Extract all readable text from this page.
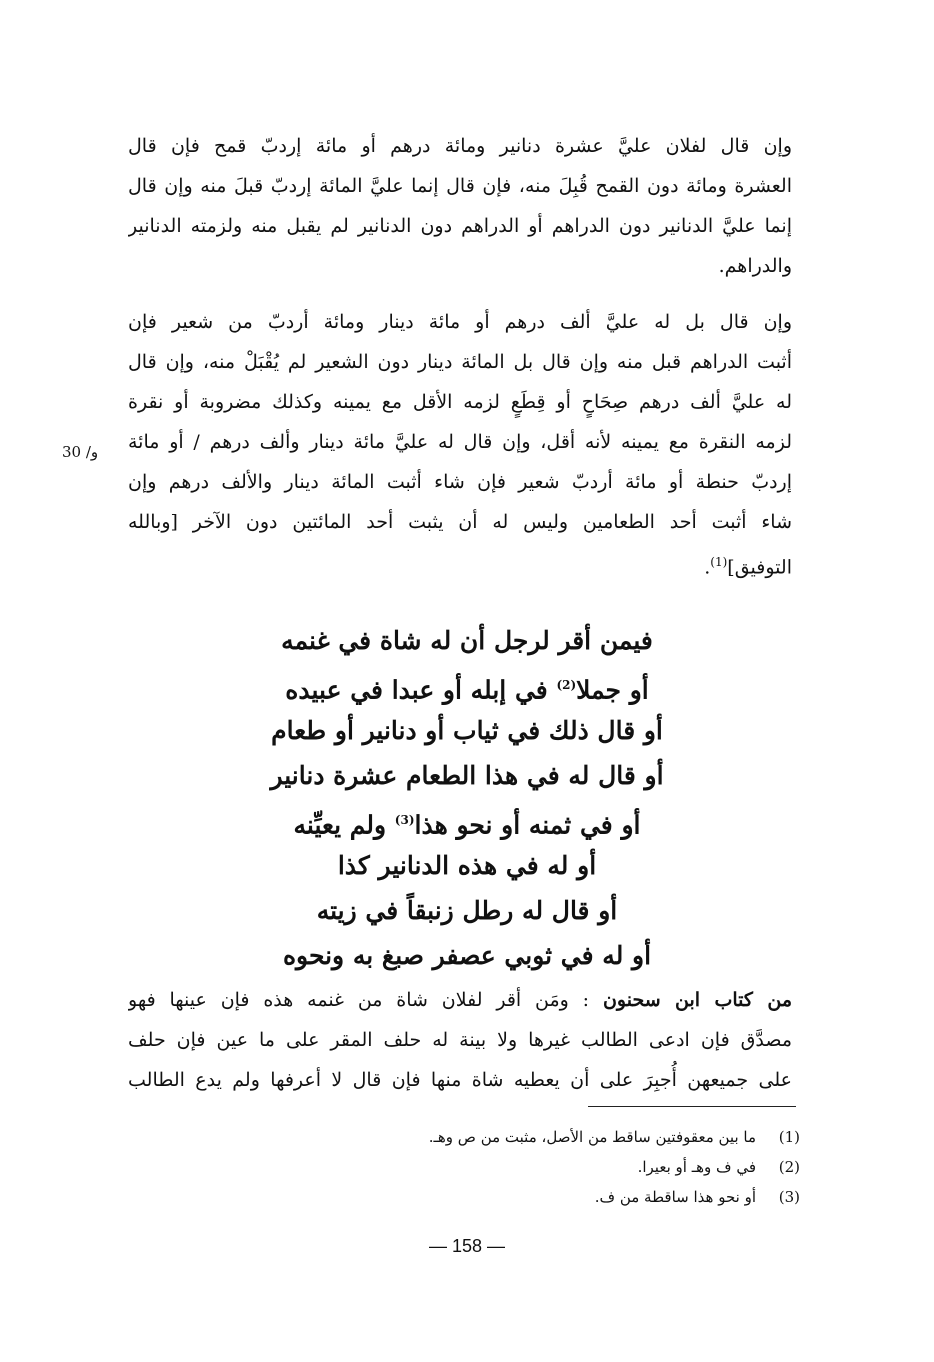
وإن قال لفلان عليَّ عشرة دنانير ومائة درهم أو مائة إردبّ قمح فإن قال
العشرة ومائة دون القمح قُبِلَ منه، فإن قال إنما عليَّ المائة إردبّ قبلَ منه وإن قال
إنما عليَّ الدنانير دون الدراهم أو الدراهم دون الدنانير لم يقبل منه ولزمته الدنانير
والدراهم.
وإن قال بل له عليَّ ألف درهم أو مائة دينار ومائة أردبّ من شعير فإن
أثبت الدراهم قبل منه وإن قال بل المائة دينار دون الشعير لم يُقْبَلْ منه، وإن قال
له عليَّ ألف درهم صِحَاحٍ أو قِطَعٍ لزمه الأقل مع يمينه وكذلك مضروبة أو نقرة
لزمه النقرة مع يمينه لأنه أقل، وإن قال له عليَّ مائة دينار وألف درهم / أو مائة
إردبّ حنطة أو مائة أردبّ شعير فإن شاء أثبت المائة دينار والألف درهم وإن
شاء أثبت أحد الطعامين وليس له أن يثبت أحد المائتين دون الآخر [وبالله
التوفيق]$^{(1)}$.
30 /و
فيمن أقر لرجل أن له شاة في غنمه
أو جملا$^{(2)}$ في إبله أو عبدا في عبيده
أو قال ذلك في ثياب أو دنانير أو طعام
أو قال له في هذا الطعام عشرة دنانير
أو في ثمنه أو نحو هذا$^{(3)}$ ولم يعيِّنه
أو له في هذه الدنانير كذا
أو قال له رطل زنبقاً في زيته
أو له في ثوبي عصفر صبغ به ونحوه
من كتاب ابن سحنون : ومَن أقر لفلان شاة من غنمه هذه فإن عينها فهو
مصدَّق فإن ادعى الطالب غيرها ولا بينة له حلف المقر على ما عين فإن حلف
على جميعهن أُجبِرَ على أن يعطيه شاة منها فإن قال لا أعرفها ولم يدع الطالب
(1)ما بين معقوفتين ساقط من الأصل، مثبت من ص وهـ.
(2)في ف وهـ أو بعيرا.
(3)أو نحو هذا ساقطة من ف.
— 158 —
